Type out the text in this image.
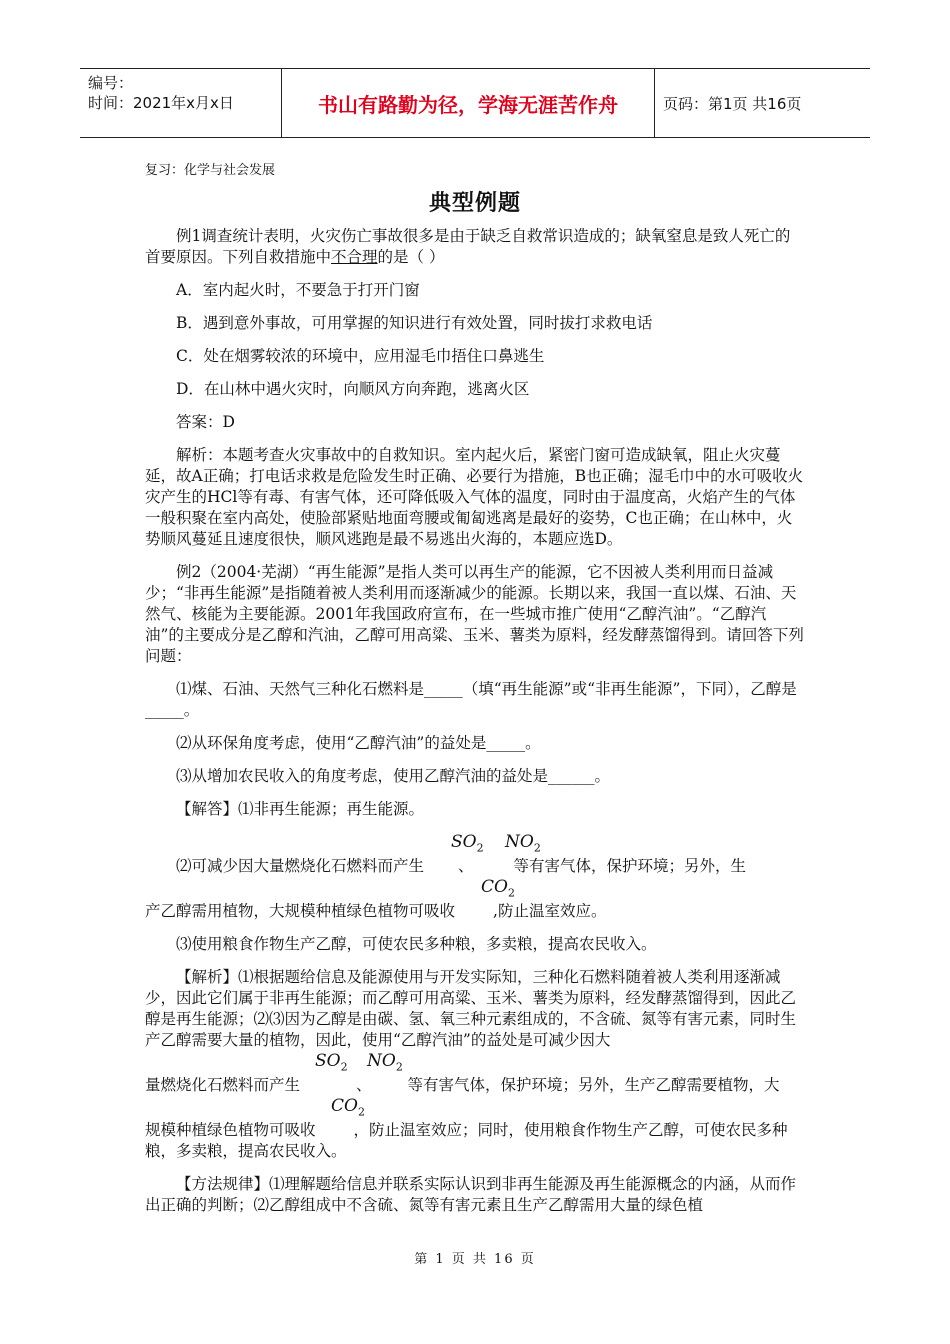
编号：
时间：2021年x月x日	书山有路勤为径，学海无涯苦作舟	页码：第1页 共16页
复习：化学与社会发展
典型例题

例1调查统计表明，火灾伤亡事故很多是由于缺乏自救常识造成的；缺氧窒息是致人死亡的首要原因。下列自救措施中不合理的是（ ）

A．室内起火时，不要急于打开门窗

B．遇到意外事故，可用掌握的知识进行有效处置，同时拔打求救电话

C．处在烟雾较浓的环境中，应用湿毛巾捂住口鼻逃生

D．在山林中遇火灾时，向顺风方向奔跑，逃离火区

答案：D

解析：本题考查火灾事故中的自救知识。室内起火后，紧密门窗可造成缺氧，阻止火灾蔓延，故A正确；打电话求救是危险发生时正确、必要行为措施，B也正确；湿毛巾中的水可吸收火灾产生的HCl等有毒、有害气体，还可降低吸入气体的温度，同时由于温度高，火焰产生的气体一般积聚在室内高处，使脸部紧贴地面弯腰或匍匐逃离是最好的姿势，C也正确；在山林中，火势顺风蔓延且速度很快，顺风逃跑是最不易逃出火海的，本题应选D。

例2（2004·芜湖）“再生能源”是指人类可以再生产的能源，它不因被人类利用而日益减少；“非再生能源”是指随着被人类利用而逐渐减少的能源。长期以来，我国一直以煤、石油、天然气、核能为主要能源。2001年我国政府宣布，在一些城市推广使用“乙醇汽油”。“乙醇汽油”的主要成分是乙醇和汽油，乙醇可用高粱、玉米、薯类为原料，经发酵蒸馏得到。请回答下列问题：

⑴煤、石油、天然气三种化石燃料是_____（填“再生能源”或“非再生能源”，下同），乙醇是_____。

⑵从环保角度考虑，使用“乙醇汽油”的益处是_____。

⑶从增加农民收入的角度考虑，使用乙醇汽油的益处是______。

【解答】⑴非再生能源；再生能源。

$SO_2$ $NO_2$
⑵可减少因大量燃烧化石燃料而产生 、	等有害气体，保护环境；另外，生
$CO_2$
产乙醇需用植物，大规模种植绿色植物可吸收 ,防止温室效应。

⑶使用粮食作物生产乙醇，可使农民多种粮，多卖粮，提高农民收入。

【解析】⑴根据题给信息及能源使用与开发实际知，三种化石燃料随着被人类利用逐渐减少，因此它们属于非再生能源；而乙醇可用高粱、玉米、薯类为原料，经发酵蒸馏得到，因此乙醇是再生能源；⑵⑶因为乙醇是由碳、氢、氧三种元素组成的，不含硫、氮等有害元素，同时生产乙醇需要大量的植物，因此，使用“乙醇汽油”的益处是可减少因大
$SO_2$ $NO_2$
量燃烧化石燃料而产生	、 等有害气体，保护环境；另外，生产乙醇需要植物，大
$CO_2$
规模种植绿色植物可吸收 ，防止温室效应；同时，使用粮食作物生产乙醇，可使农民多种粮，多卖粮，提高农民收入。

【方法规律】⑴理解题给信息并联系实际认识到非再生能源及再生能源概念的内涵，从而作出正确的判断；⑵乙醇组成中不含硫、氮等有害元素且生产乙醇需用大量的绿色植

第 1 页 共 16 页
